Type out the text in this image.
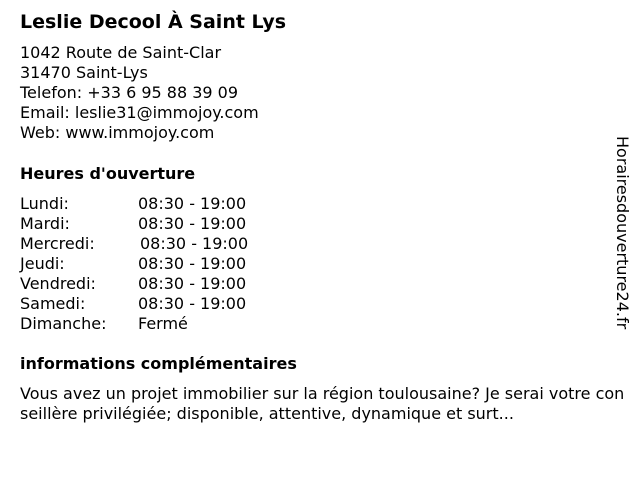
Leslie Decool À Saint Lys
1042 Route de Saint-Clar
31470 Saint-Lys
Telefon: +33 6 95 88 39 09
Email: leslie31@immojoy.com
Web: www.immojoy.com
Heures d'ouverture
Lundi:	08:30 - 19:00
Mardi:	08:30 - 19:00
Mercredi:	08:30 - 19:00
Jeudi:	08:30 - 19:00
Vendredi:	08:30 - 19:00
Samedi:	08:30 - 19:00
Dimanche: Fermé
informations complémentaires
Vous avez un projet immobilier sur la région toulousaine? Je serai votre conseillère privilégiée; disponible, attentive, dynamique et surt...
Horairesdouverture24.fr
